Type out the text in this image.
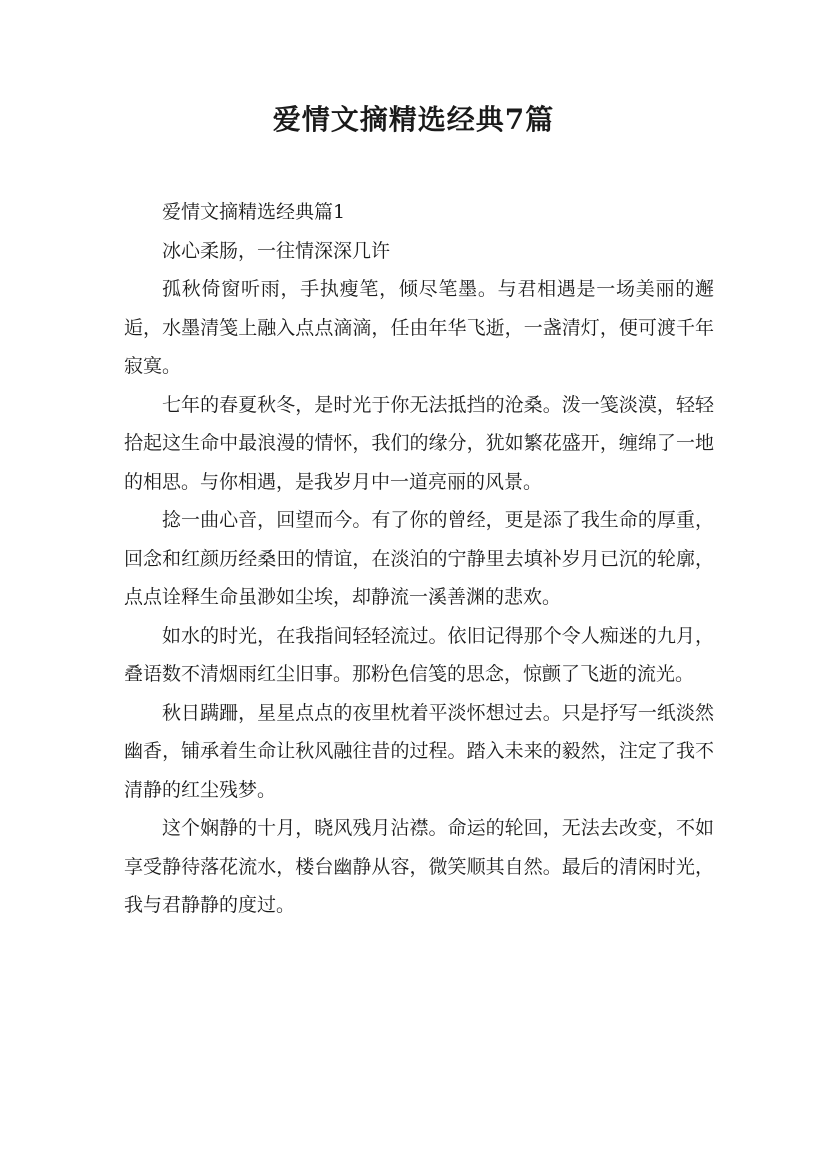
爱情文摘精选经典7篇

爱情文摘精选经典篇1

冰心柔肠，一往情深深几许

孤秋倚窗听雨，手执瘦笔，倾尽笔墨。与君相遇是一场美丽的邂逅，水墨清笺上融入点点滴滴，任由年华飞逝，一盏清灯，便可渡千年寂寞。

七年的春夏秋冬，是时光于你无法抵挡的沧桑。泼一笺淡漠，轻轻拾起这生命中最浪漫的情怀，我们的缘分，犹如繁花盛开，缠绵了一地的相思。与你相遇，是我岁月中一道亮丽的风景。

捻一曲心音，回望而今。有了你的曾经，更是添了我生命的厚重，回念和红颜历经桑田的情谊，在淡泊的宁静里去填补岁月已沉的轮廓，点点诠释生命虽渺如尘埃，却静流一溪善渊的悲欢。

如水的时光，在我指间轻轻流过。依旧记得那个令人痴迷的九月，叠语数不清烟雨红尘旧事。那粉色信笺的思念，惊颤了飞逝的流光。

秋日蹒跚，星星点点的夜里枕着平淡怀想过去。只是抒写一纸淡然幽香，铺承着生命让秋风融往昔的过程。踏入未来的毅然，注定了我不清静的红尘残梦。

这个娴静的十月，晓风残月沾襟。命运的轮回，无法去改变，不如享受静待落花流水，楼台幽静从容，微笑顺其自然。最后的清闲时光，我与君静静的度过。
